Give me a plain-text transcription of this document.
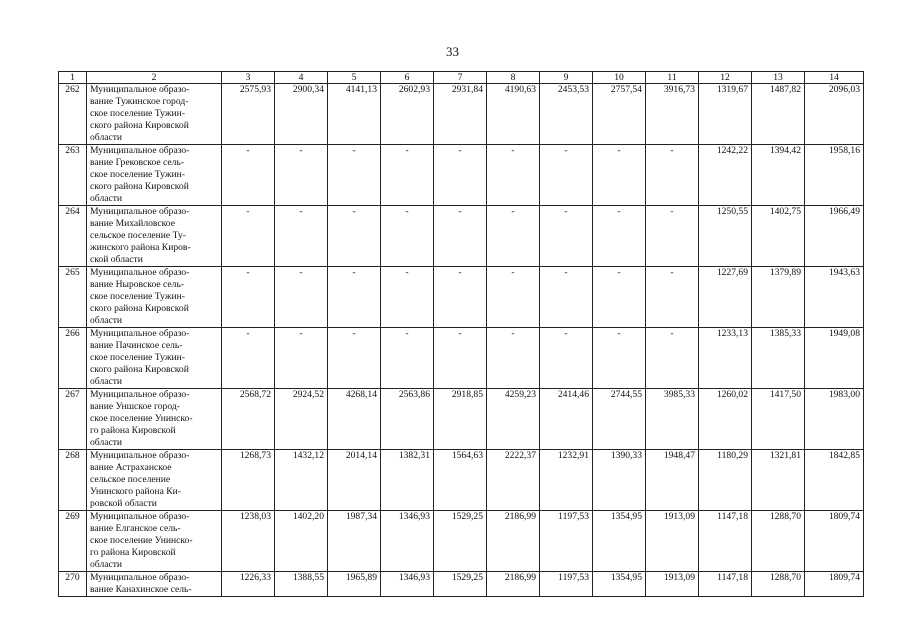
33
1	2	3	4	5	6	7	8	9	10	11	12	13	14
262	Муниципальное образо-
вание Тужинское город-
ское поселение Тужин-
ского района Кировской
области	2575,93	2900,34	4141,13	2602,93	2931,84	4190,63	2453,53	2757,54	3916,73	1319,67	1487,82	2096,03
263	Муниципальное образо-
вание Грековское сель-
ское поселение Тужин-
ского района Кировской
области	-	-	-	-	-	-	-	-	-	1242,22	1394,42	1958,16
264	Муниципальное образо-
вание Михайловское
сельское поселение Ту-
жинского района Киров-
ской области	-	-	-	-	-	-	-	-	-	1250,55	1402,75	1966,49
265	Муниципальное образо-
вание Ныровское сель-
ское поселение Тужин-
ского района Кировской
области	-	-	-	-	-	-	-	-	-	1227,69	1379,89	1943,63
266	Муниципальное образо-
вание Пачинское сель-
ское поселение Тужин-
ского района Кировской
области	-	-	-	-	-	-	-	-	-	1233,13	1385,33	1949,08
267	Муниципальное образо-
вание Уншское город-
ское поселение Унинско-
го района Кировской
области	2568,72	2924,52	4268,14	2563,86	2918,85	4259,23	2414,46	2744,55	3985,33	1260,02	1417,50	1983,00
268	Муниципальное образо-
вание Астраханское
сельское поселение
Унинского района Ки-
ровской области	1268,73	1432,12	2014,14	1382,31	1564,63	2222,37	1232,91	1390,33	1948,47	1180,29	1321,81	1842,85
269	Муниципальное образо-
вание Елганское сель-
ское поселение Унинско-
го района Кировской
области	1238,03	1402,20	1987,34	1346,93	1529,25	2186,99	1197,53	1354,95	1913,09	1147,18	1288,70	1809,74
270	Муниципальное образо-
вание Канахинское сель-	1226,33	1388,55	1965,89	1346,93	1529,25	2186,99	1197,53	1354,95	1913,09	1147,18	1288,70	1809,74
